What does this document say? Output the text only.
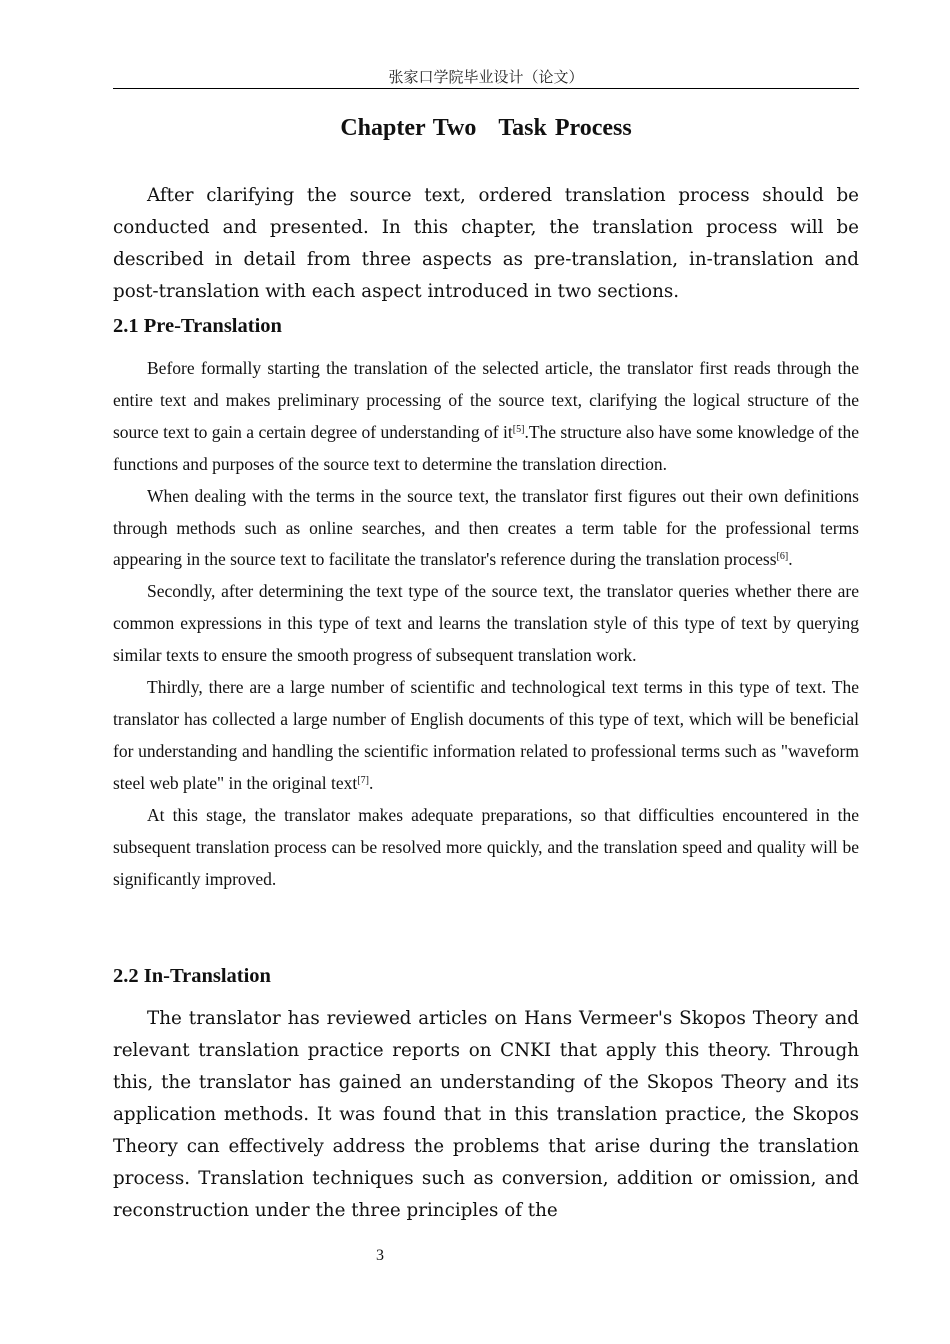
张家口学院毕业设计（论文）
Chapter Two Task Process

After clarifying the source text, ordered translation process should be conducted and presented. In this chapter, the translation process will be described in detail from three aspects as pre-translation, in-translation and post-translation with each aspect introduced in two sections.

2.1 Pre-Translation

Before formally starting the translation of the selected article, the translator first reads through the entire text and makes preliminary processing of the source text, clarifying the logical structure of the source text to gain a certain degree of understanding of it[5].The structure also have some knowledge of the functions and purposes of the source text to determine the translation direction.

When dealing with the terms in the source text, the translator first figures out their own definitions through methods such as online searches, and then creates a term table for the professional terms appearing in the source text to facilitate the translator's reference during the translation process[6].

Secondly, after determining the text type of the source text, the translator queries whether there are common expressions in this type of text and learns the translation style of this type of text by querying similar texts to ensure the smooth progress of subsequent translation work.

Thirdly, there are a large number of scientific and technological text terms in this type of text. The translator has collected a large number of English documents of this type of text, which will be beneficial for understanding and handling the scientific information related to professional terms such as "waveform steel web plate" in the original text[7].

At this stage, the translator makes adequate preparations, so that difficulties encountered in the subsequent translation process can be resolved more quickly, and the translation speed and quality will be significantly improved.

2.2 In-Translation

The translator has reviewed articles on Hans Vermeer's Skopos Theory and relevant translation practice reports on CNKI that apply this theory. Through this, the translator has gained an understanding of the Skopos Theory and its application methods. It was found that in this translation practice, the Skopos Theory can effectively address the problems that arise during the translation process. Translation techniques such as conversion, addition or omission, and reconstruction under the three principles of the

3
